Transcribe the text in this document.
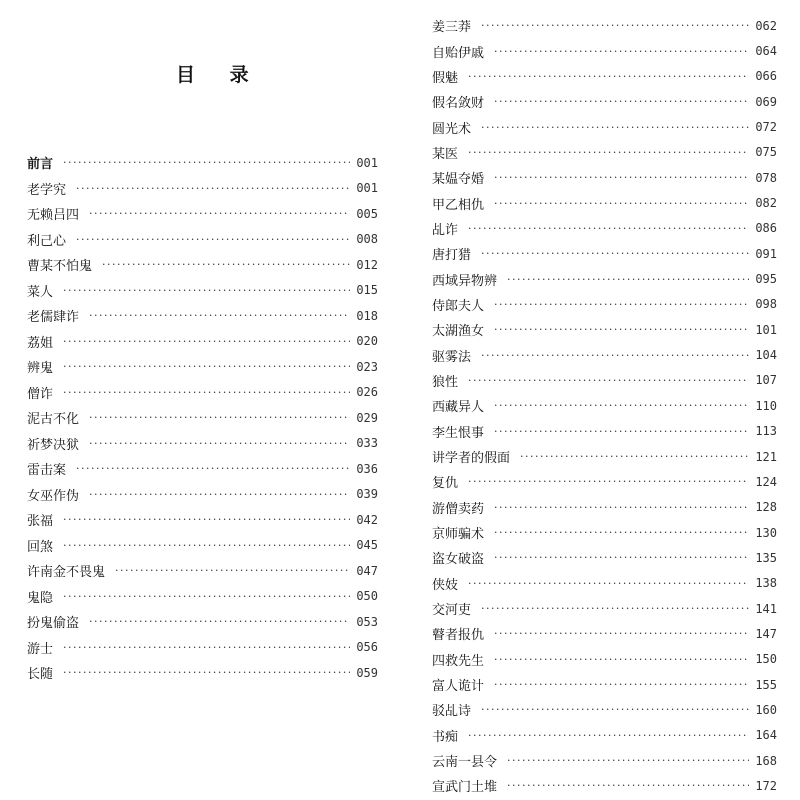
目 录
前言 ·····	001
老学究 ·····	001
无赖吕四 ·····	005
利己心 ·····	008
曹某不怕鬼 ·····	012
菜人 ·····	015
老儒肆诈 ·····	018
荔姐 ·····	020
辨鬼 ·····	023
僧诈 ·····	026
泥古不化 ·····	029
祈梦决狱 ·····	033
雷击案 ·····	036
女巫作伪 ·····	039
张福 ·····	042
回煞 ·····	045
许南金不畏鬼 ·····	047
鬼隐 ·····	050
扮鬼偷盗 ·····	053
游士 ·····	056
长随 ·····	059
姜三莽 ·····	062
自贻伊戚 ·····	064
假魅 ·····	066
假名敛财 ·····	069
圆光术 ·····	072
某医 ·····	075
某媪夺婚 ·····	078
甲乙相仇 ·····	082
乩诈 ·····	086
唐打猎 ·····	091
西域异物辨 ·····	095
侍郎夫人 ·····	098
太湖渔女 ·····	101
驱雾法 ·····	104
狼性 ·····	107
西藏异人 ·····	110
李生恨事 ·····	113
讲学者的假面 ·····	121
复仇 ·····	124
游僧卖药 ·····	128
京师骗术 ·····	130
盗女破盗 ·····	135
侠妓 ·····	138
交河吏 ·····	141
瞽者报仇 ·····	147
四救先生 ·····	150
富人诡计 ·····	155
驳乩诗 ·····	160
书痴 ·····	164
云南一县令 ·····	168
宣武门土堆 ·····	172
